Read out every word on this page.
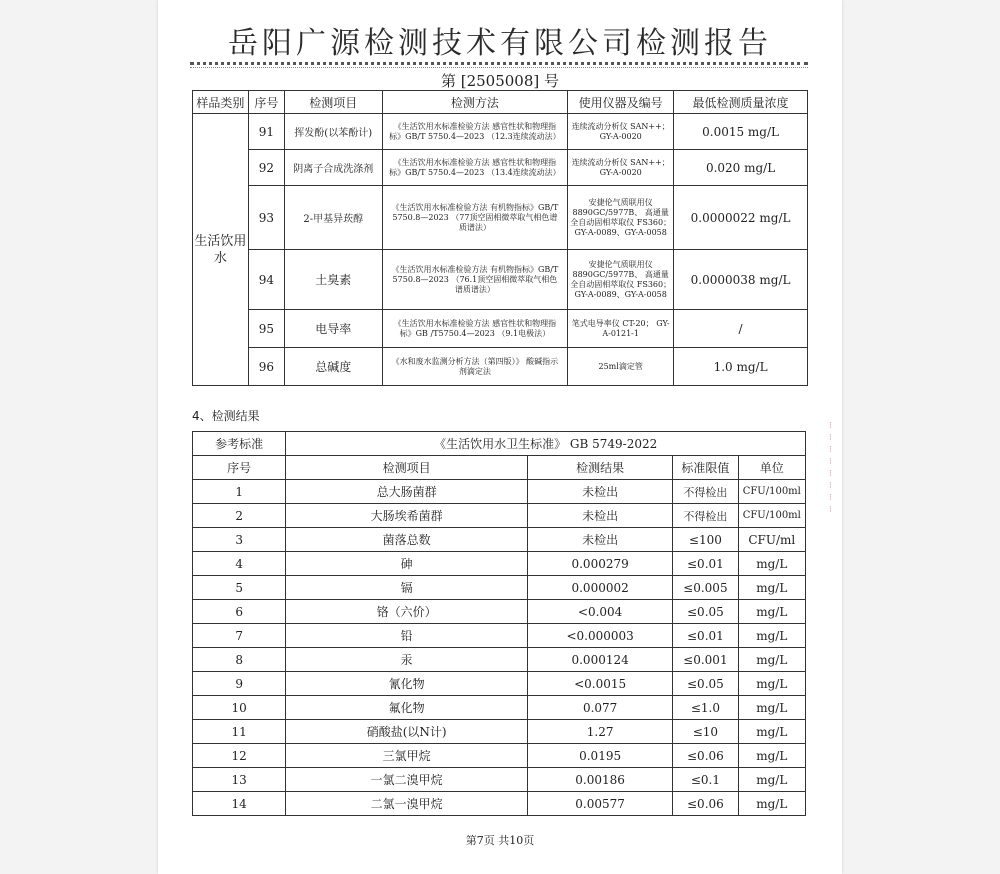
岳阳广源检测技术有限公司检测报告
第 [2505008] 号
样品类别	序号	检测项目	检测方法	使用仪器及编号	最低检测质量浓度
生活饮用水	91	挥发酚(以苯酚计)	《生活饮用水标准检验方法 感官性状和物理指标》GB/T 5750.4—2023 （12.3连续流动法）	连续流动分析仪 SAN++； GY-A-0020	0.0015 mg/L
	92	阴离子合成洗涤剂	《生活饮用水标准检验方法 感官性状和物理指标》GB/T 5750.4—2023 （13.4连续流动法）	连续流动分析仪 SAN++； GY-A-0020	0.020 mg/L
	93	2-甲基异莰醇	《生活饮用水标准检验方法 有机物指标》GB/T 5750.8—2023 （77顶空固相微萃取气相色谱质谱法）	安捷伦气质联用仪 8890GC/5977B、 高通量全自动固相萃取仪 FS360； GY-A-0089、GY-A-0058	0.0000022 mg/L
	94	土臭素	《生活饮用水标准检验方法 有机物指标》GB/T 5750.8—2023 （76.1顶空固相微萃取气相色谱质谱法）	安捷伦气质联用仪 8890GC/5977B、 高通量全自动固相萃取仪 FS360； GY-A-0089、GY-A-0058	0.0000038 mg/L
	95	电导率	《生活饮用水标准检验方法 感官性状和物理指标》GB /T5750.4—2023 （9.1电极法）	笔式电导率仪 CT-20； GY-A-0121-1	/
	96	总碱度	《水和废水监测分析方法（第四版）》 酸碱指示剂滴定法	25ml滴定管	1.0 mg/L
4、检测结果
参考标准	《生活饮用水卫生标准》 GB 5749-2022			
序号	检测项目	检测结果	标准限值	单位
1	总大肠菌群	未检出	不得检出	CFU/100ml
2	大肠埃希菌群	未检出	不得检出	CFU/100ml
3	菌落总数	未检出	≤100	CFU/ml
4	砷	0.000279	≤0.01	mg/L
5	镉	0.000002	≤0.005	mg/L
6	铬（六价）	<0.004	≤0.05	mg/L
7	铅	<0.000003	≤0.01	mg/L
8	汞	0.000124	≤0.001	mg/L
9	氰化物	<0.0015	≤0.05	mg/L
10	氟化物	0.077	≤1.0	mg/L
11	硝酸盐(以N计)	1.27	≤10	mg/L
12	三氯甲烷	0.0195	≤0.06	mg/L
13	一氯二溴甲烷	0.00186	≤0.1	mg/L
14	二氯一溴甲烷	0.00577	≤0.06	mg/L
第7页 共10页
⁝
⁝
⁝
⁝
⁝
⁝
⁝
⁝
